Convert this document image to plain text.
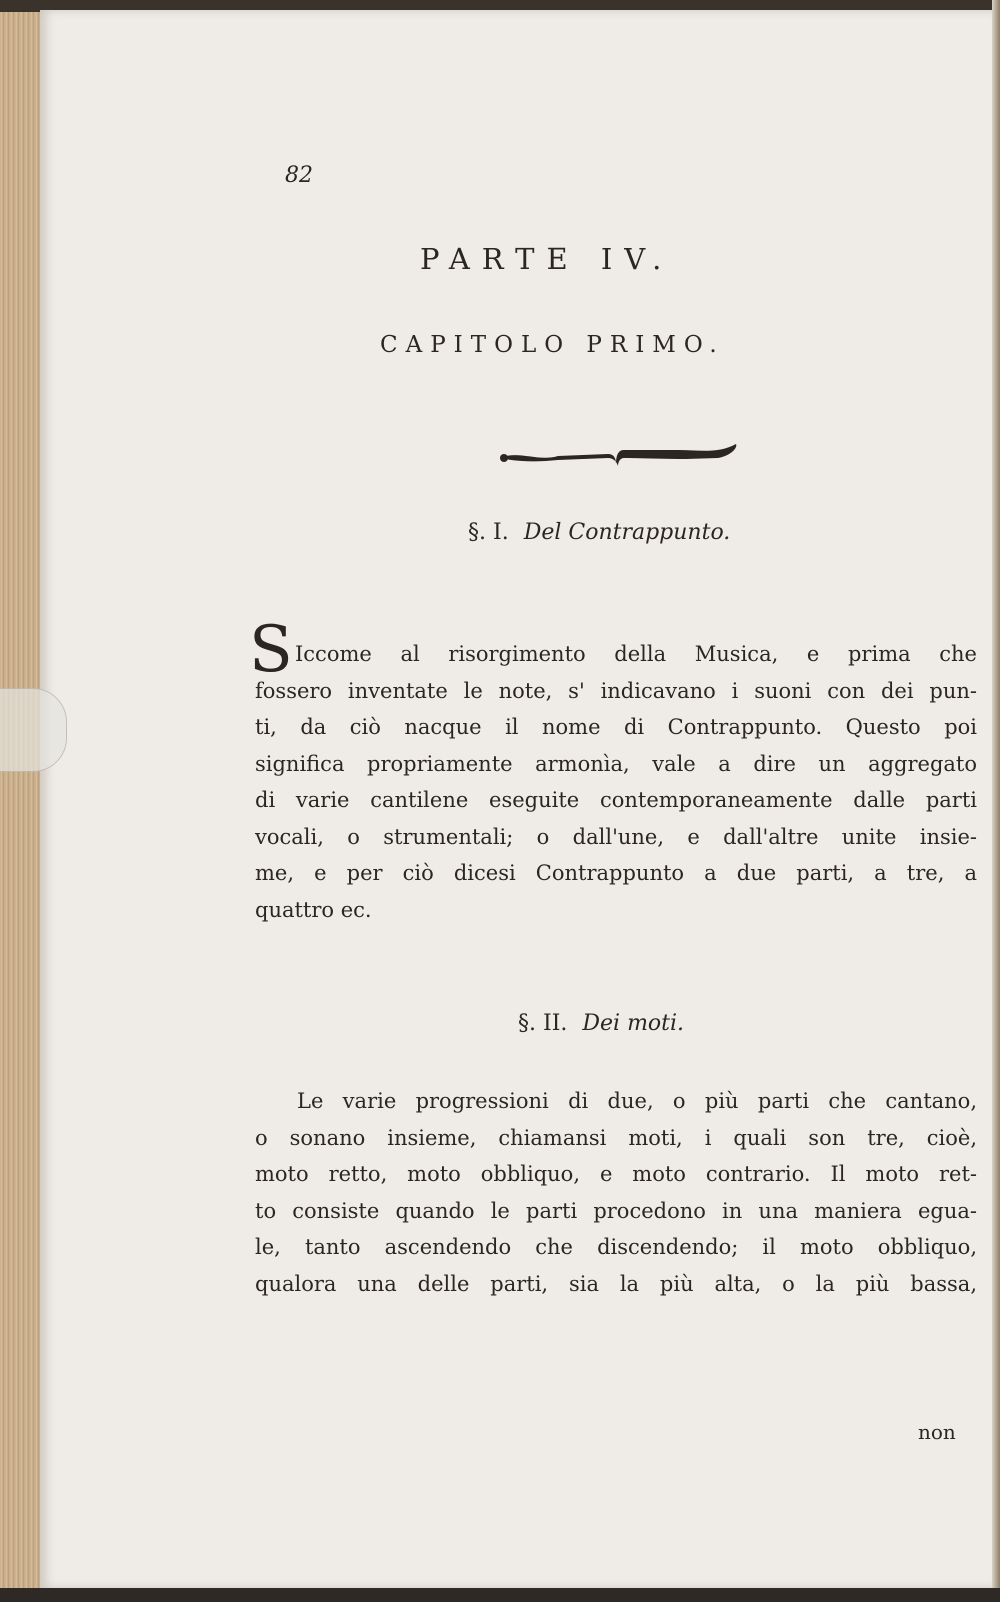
82
PARTE IV.
CAPITOLO PRIMO.
§. I. Del Contrappunto.
S Iccome al risorgimento della Musica, e prima che
fossero inventate le note, s' indicavano i suoni con dei pun-
ti, da ciò nacque il nome di Contrappunto. Questo poi
significa propriamente armonìa, vale a dire un aggregato
di varie cantilene eseguite contemporaneamente dalle parti
vocali, o strumentali; o dall'une, e dall'altre unite insie-
me, e per ciò dicesi Contrappunto a due parti, a tre, a
quattro ec.
§. II. Dei moti.
Le varie progressioni di due, o più parti che cantano,
o sonano insieme, chiamansi moti, i quali son tre, cioè,
moto retto, moto obbliquo, e moto contrario. Il moto ret-
to consiste quando le parti procedono in una maniera egua-
le, tanto ascendendo che discendendo; il moto obbliquo,
qualora una delle parti, sia la più alta, o la più bassa,
non
